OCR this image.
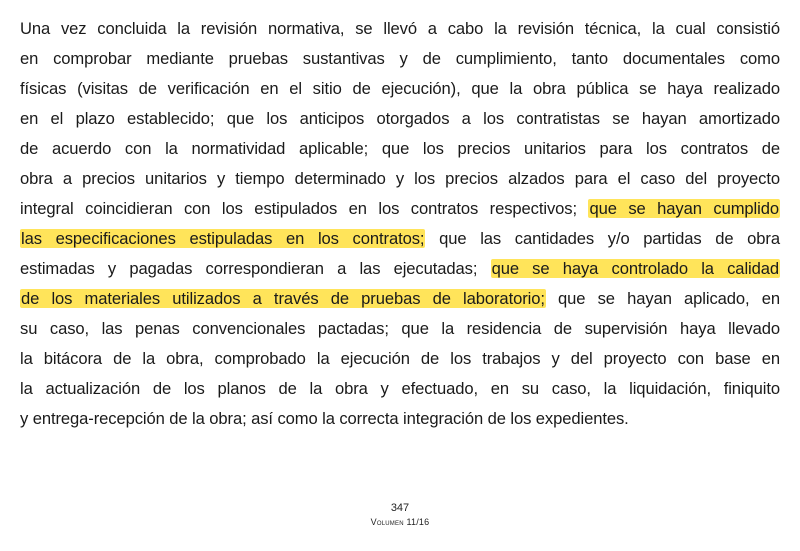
Una vez concluida la revisión normativa, se llevó a cabo la revisión técnica, la cual consistió
en comprobar mediante pruebas sustantivas y de cumplimiento, tanto documentales como
físicas (visitas de verificación en el sitio de ejecución), que la obra pública se haya realizado
en el plazo establecido; que los anticipos otorgados a los contratistas se hayan amortizado
de acuerdo con la normatividad aplicable; que los precios unitarios para los contratos de
obra a precios unitarios y tiempo determinado y los precios alzados para el caso del proyecto
integral coincidieran con los estipulados en los contratos respectivos; que se hayan cumplido
las especificaciones estipuladas en los contratos; que las cantidades y/o partidas de obra
estimadas y pagadas correspondieran a las ejecutadas; que se haya controlado la calidad
de los materiales utilizados a través de pruebas de laboratorio; que se hayan aplicado, en
su caso, las penas convencionales pactadas; que la residencia de supervisión haya llevado
la bitácora de la obra, comprobado la ejecución de los trabajos y del proyecto con base en
la actualización de los planos de la obra y efectuado, en su caso, la liquidación, finiquito
y entrega-recepción de la obra; así como la correcta integración de los expedientes.

347
Volumen 11/16
